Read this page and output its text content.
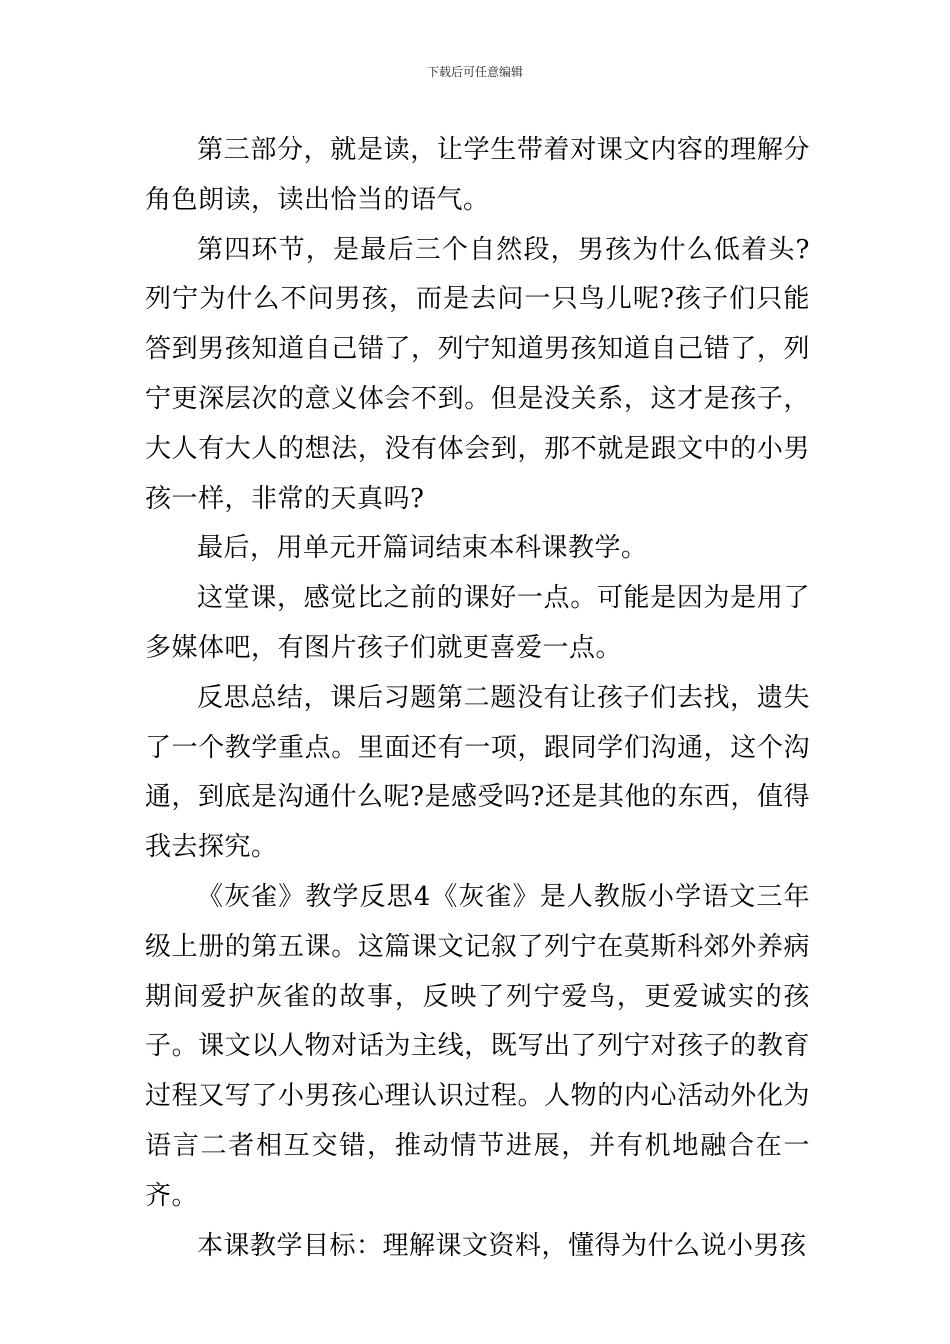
下载后可任意编辑

第三部分，就是读，让学生带着对课文内容的理解分角色朗读，读出恰当的语气。

第四环节，是最后三个自然段，男孩为什么低着头?列宁为什么不问男孩，而是去问一只鸟儿呢?孩子们只能答到男孩知道自己错了，列宁知道男孩知道自己错了，列宁更深层次的意义体会不到。但是没关系，这才是孩子，大人有大人的想法，没有体会到，那不就是跟文中的小男孩一样，非常的天真吗?

最后，用单元开篇词结束本科课教学。

这堂课，感觉比之前的课好一点。可能是因为是用了多媒体吧，有图片孩子们就更喜爱一点。

反思总结，课后习题第二题没有让孩子们去找，遗失了一个教学重点。里面还有一项，跟同学们沟通，这个沟通，到底是沟通什么呢?是感受吗?还是其他的东西，值得我去探究。

《灰雀》教学反思4《灰雀》是人教版小学语文三年级上册的第五课。这篇课文记叙了列宁在莫斯科郊外养病期间爱护灰雀的故事，反映了列宁爱鸟，更爱诚实的孩子。课文以人物对话为主线，既写出了列宁对孩子的教育过程又写了小男孩心理认识过程。人物的内心活动外化为语言二者相互交错，推动情节进展，并有机地融合在一齐。

本课教学目标：理解课文资料，懂得为什么说小男孩
